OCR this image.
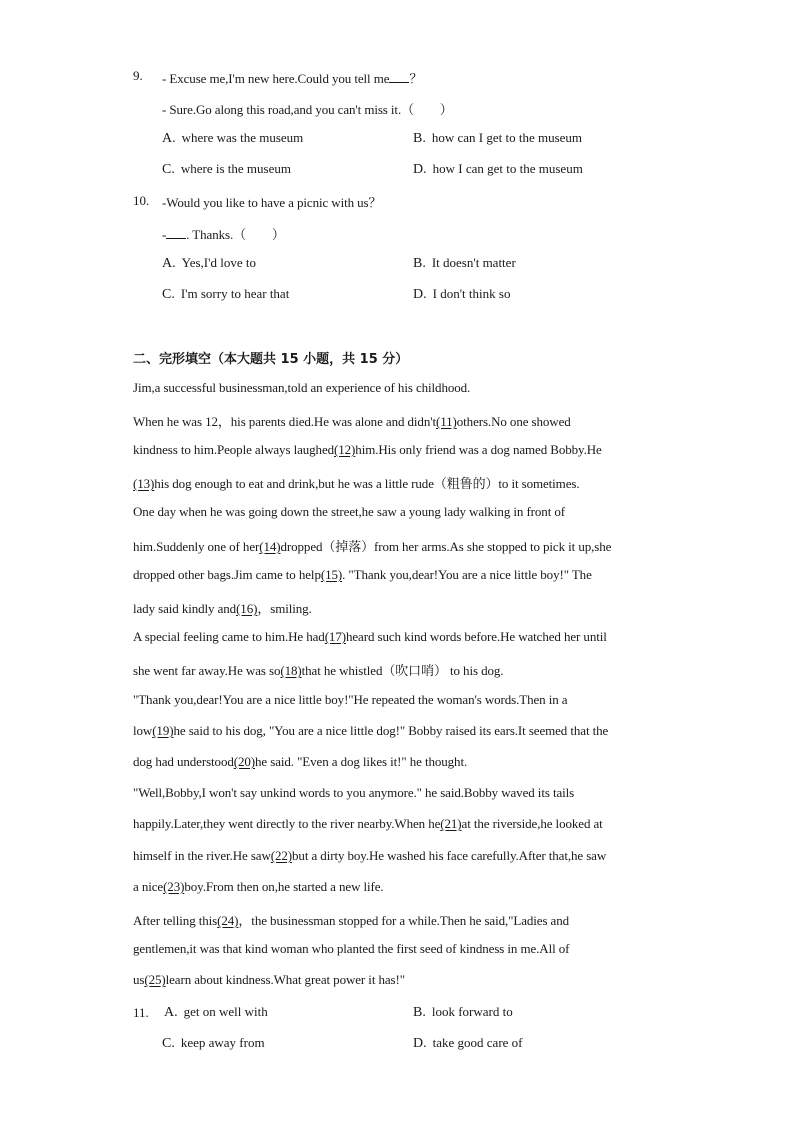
9. - Excuse me,I'm new here.Could you tell me ？
- Sure.Go along this road,and you can't miss it.（　　）
A. where was the museum	B. how can I get to the museum
C. where is the museum	D. how I can get to the museum
10. -Would you like to have a picnic with us？
- . Thanks.（　　）
A. Yes,I'd love to	B. It doesn't matter
C. I'm sorry to hear that	D. I don't think so
二、完形填空（本大题共 15 小题，共 15 分）
Jim,a successful businessman,told an experience of his childhood.
When he was 12，his parents died.He was alone and didn't(11)others.No one showed
kindness to him.People always laughed(12)him.His only friend was a dog named Bobby.He
(13)his dog enough to eat and drink,but he was a little rude（粗鲁的）to it sometimes.
One day when he was going down the street,he saw a young lady walking in front of
him.Suddenly one of her(14)dropped（掉落）from her arms.As she stopped to pick it up,she
dropped other bags.Jim came to help(15). "Thank you,dear!You are a nice little boy!" The
lady said kindly and(16)，smiling.
A special feeling came to him.He had(17)heard such kind words before.He watched her until
she went far away.He was so(18)that he whistled（吹口哨） to his dog.
"Thank you,dear!You are a nice little boy!"He repeated the woman's words.Then in a
low(19)he said to his dog, "You are a nice little dog!" Bobby raised its ears.It seemed that the
dog had understood(20)he said. "Even a dog likes it!" he thought.
"Well,Bobby,I won't say unkind words to you anymore." he said.Bobby waved its tails
happily.Later,they went directly to the river nearby.When he(21)at the riverside,he looked at
himself in the river.He saw(22)but a dirty boy.He washed his face carefully.After that,he saw
a nice(23)boy.From then on,he started a new life.
After telling this(24)，the businessman stopped for a while.Then he said,"Ladies and
gentlemen,it was that kind woman who planted the first seed of kindness in me.All of
us(25)learn about kindness.What great power it has!"
11. A. get on well with	B. look forward to
C. keep away from	D. take good care of
